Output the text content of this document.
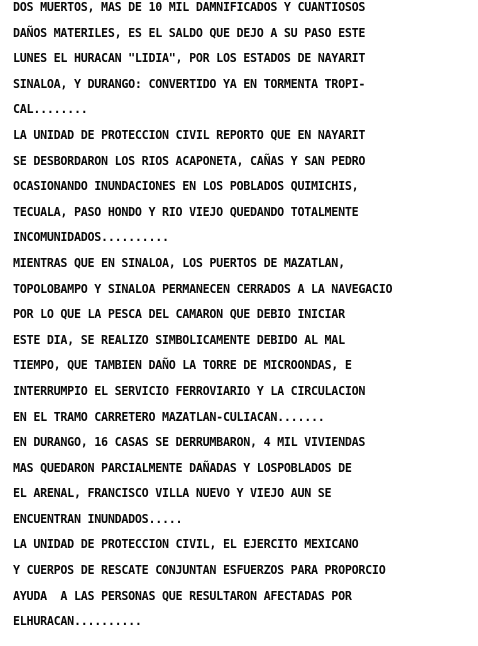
DOS MUERTOS, MAS DE 10 MIL DAMNIFICADOS Y CUANTIOSOS
DAÑOS MATERILES, ES EL SALDO QUE DEJO A SU PASO ESTE
LUNES EL HURACAN "LIDIA", POR LOS ESTADOS DE NAYARIT
SINALOA, Y DURANGO: CONVERTIDO YA EN TORMENTA TROPI-
CAL........
LA UNIDAD DE PROTECCION CIVIL REPORTO QUE EN NAYARIT
SE DESBORDARON LOS RIOS ACAPONETA, CAÑAS Y SAN PEDRO
OCASIONANDO INUNDACIONES EN LOS POBLADOS QUIMICHIS,
TECUALA, PASO HONDO Y RIO VIEJO QUEDANDO TOTALMENTE
INCOMUNIDADOS..........
MIENTRAS QUE EN SINALOA, LOS PUERTOS DE MAZATLAN,
TOPOLOBAMPO Y SINALOA PERMANECEN CERRADOS A LA NAVEGACIO
POR LO QUE LA PESCA DEL CAMARON QUE DEBIO INICIAR
ESTE DIA, SE REALIZO SIMBOLICAMENTE DEBIDO AL MAL
TIEMPO, QUE TAMBIEN DAÑO LA TORRE DE MICROONDAS, E
INTERRUMPIO EL SERVICIO FERROVIARIO Y LA CIRCULACION
EN EL TRAMO CARRETERO MAZATLAN-CULIACAN.......
EN DURANGO, 16 CASAS SE DERRUMBARON, 4 MIL VIVIENDAS
MAS QUEDARON PARCIALMENTE DAÑADAS Y LOSPOBLADOS DE
EL ARENAL, FRANCISCO VILLA NUEVO Y VIEJO AUN SE
ENCUENTRAN INUNDADOS.....
LA UNIDAD DE PROTECCION CIVIL, EL EJERCITO MEXICANO
Y CUERPOS DE RESCATE CONJUNTAN ESFUERZOS PARA PROPORCIO
AYUDA  A LAS PERSONAS QUE RESULTARON AFECTADAS POR
ELHURACAN..........
